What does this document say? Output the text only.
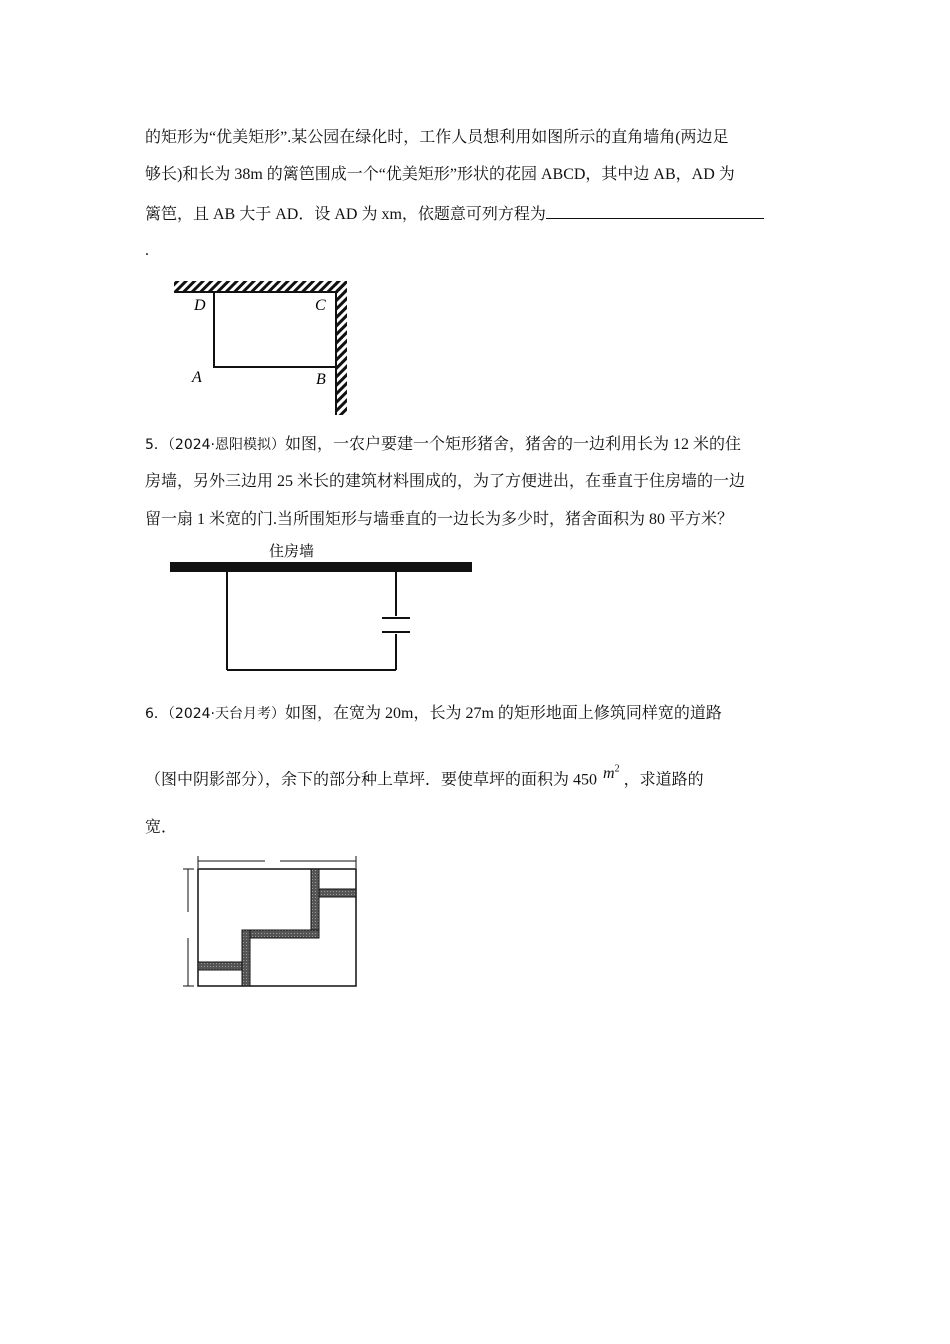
的矩形为“优美矩形”.某公园在绿化时，工作人员想利用如图所示的直角墙角(两边足
够长)和长为 38m 的篱笆围成一个“优美矩形”形状的花园 ABCD，其中边 AB，AD 为
篱笆，且 AB 大于 AD．设 AD 为 xm，依题意可列方程为
.
D	C
A	B
5．（2024·恩阳模拟）如图，一农户要建一个矩形猪舍，猪舍的一边利用长为 12 米的住
房墙，另外三边用 25 米长的建筑材料围成的，为了方便进出，在垂直于住房墙的一边
留一扇 1 米宽的门.当所围矩形与墙垂直的一边长为多少时，猪舍面积为 80 平方米？
住房墙
6．（2024·天台月考）如图，在宽为 20m，长为 27m 的矩形地面上修筑同样宽的道路
（图中阴影部分），余下的部分种上草坪．要使草坪的面积为 450 $m^2$，求道路的
宽．
